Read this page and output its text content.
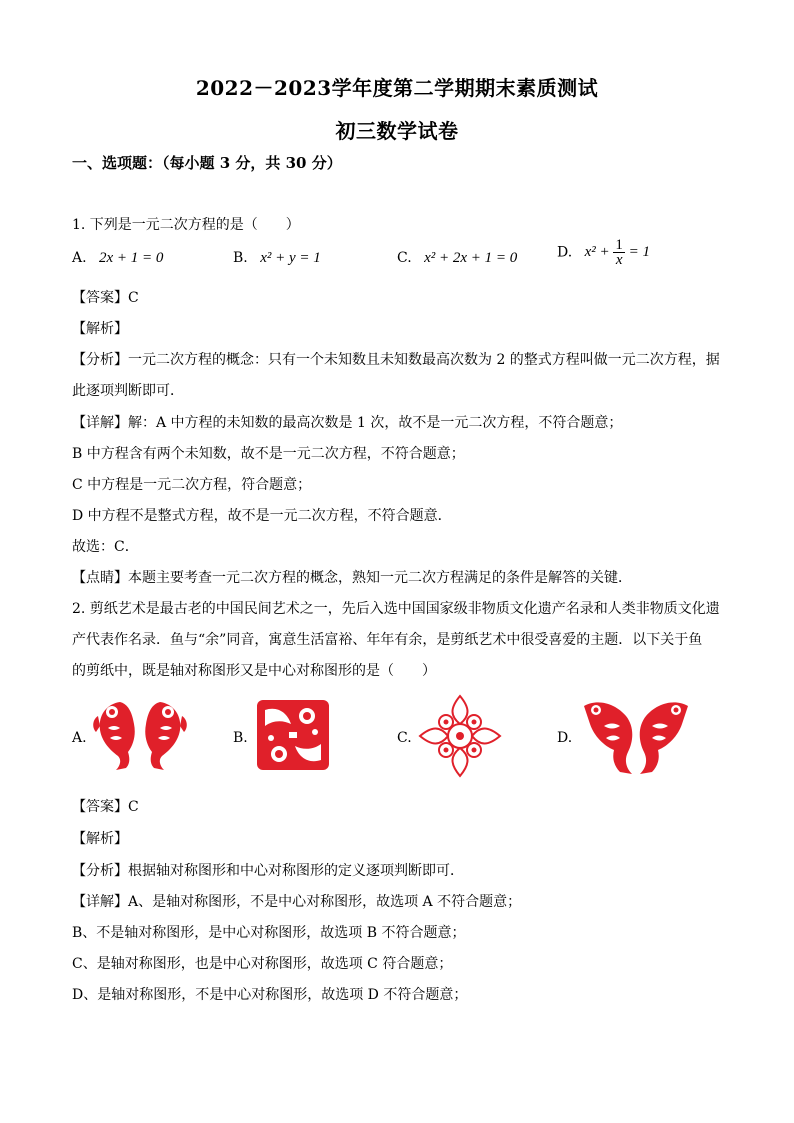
2022－2023学年度第二学期期末素质测试
初三数学试卷
一、选项题：（每小题 3 分，共 30 分）
1. 下列是一元二次方程的是（　　）
A. 2x + 1 = 0	B. x² + y = 1	C. x² + 2x + 1 = 0	D. $x^2 + \frac{1}{x} = 1$
【答案】C
【解析】
【分析】一元二次方程的概念：只有一个未知数且未知数最高次数为 2 的整式方程叫做一元二次方程，据
此逐项判断即可．
【详解】解：A 中方程的未知数的最高次数是 1 次，故不是一元二次方程，不符合题意；
B 中方程含有两个未知数，故不是一元二次方程，不符合题意；
C 中方程是一元二次方程，符合题意；
D 中方程不是整式方程，故不是一元二次方程，不符合题意．
故选：C．
【点睛】本题主要考查一元二次方程的概念，熟知一元二次方程满足的条件是解答的关键．
2. 剪纸艺术是最古老的中国民间艺术之一，先后入选中国国家级非物质文化遗产名录和人类非物质文化遗
产代表作名录．鱼与“余”同音，寓意生活富裕、年年有余，是剪纸艺术中很受喜爱的主题．以下关于鱼
的剪纸中，既是轴对称图形又是中心对称图形的是（　　）
A.	B.	C.	D.
【答案】C
【解析】
【分析】根据轴对称图形和中心对称图形的定义逐项判断即可．
【详解】A、是轴对称图形，不是中心对称图形，故选项 A 不符合题意；
B、不是轴对称图形，是中心对称图形，故选项 B 不符合题意；
C、是轴对称图形，也是中心对称图形，故选项 C 符合题意；
D、是轴对称图形，不是中心对称图形，故选项 D 不符合题意；
